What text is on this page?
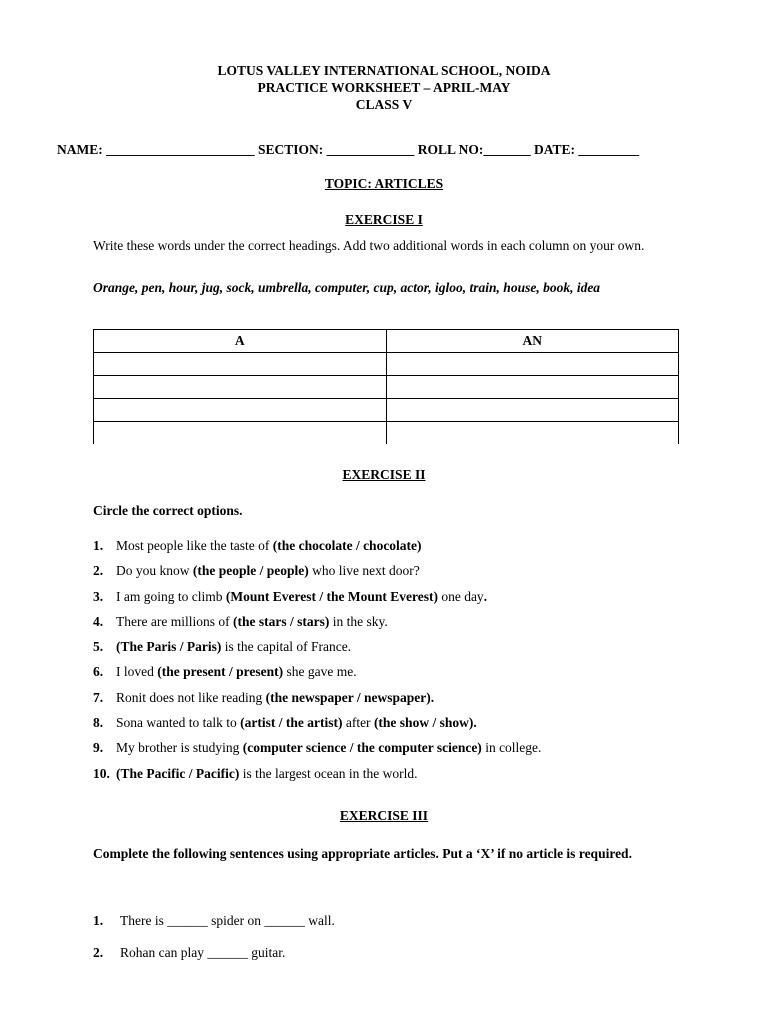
LOTUS VALLEY INTERNATIONAL SCHOOL, NOIDA
PRACTICE WORKSHEET – APRIL-MAY
CLASS V
NAME: ______________________ SECTION: _____________ ROLL NO:_______ DATE: _________
TOPIC: ARTICLES
EXERCISE I
Write these words under the correct headings. Add two additional words in each column on your own.
Orange, pen, hour, jug, sock, umbrella, computer, cup, actor, igloo, train, house, book, idea
A	AN

EXERCISE II
Circle the correct options.
1. Most people like the taste of (the chocolate / chocolate)
2. Do you know (the people / people) who live next door?
3. I am going to climb (Mount Everest / the Mount Everest) one day.
4. There are millions of (the stars / stars) in the sky.
5. (The Paris / Paris) is the capital of France.
6. I loved (the present / present) she gave me.
7. Ronit does not like reading (the newspaper / newspaper).
8. Sona wanted to talk to (artist / the artist) after (the show / show).
9. My brother is studying (computer science / the computer science) in college.
10. (The Pacific / Pacific) is the largest ocean in the world.
EXERCISE III
Complete the following sentences using appropriate articles. Put a ‘X’ if no article is required.
1. There is ______ spider on ______ wall.
2. Rohan can play ______ guitar.
